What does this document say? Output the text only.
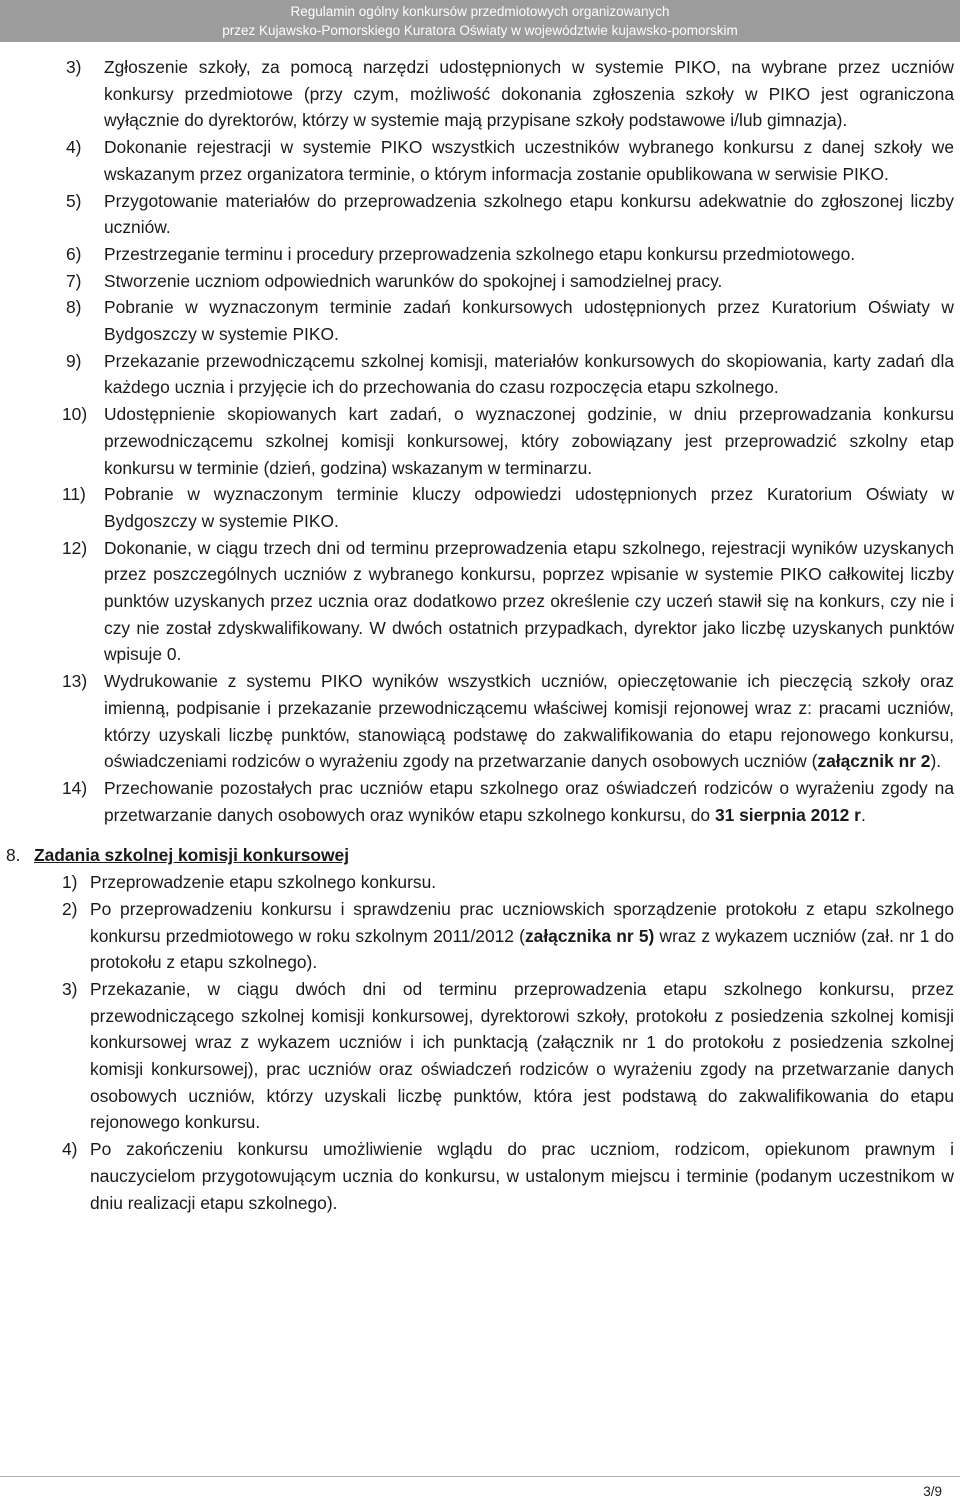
Regulamin ogólny konkursów przedmiotowych organizowanych
przez Kujawsko-Pomorskiego Kuratora Oświaty w województwie kujawsko-pomorskim
3) Zgłoszenie szkoły, za pomocą narzędzi udostępnionych w systemie PIKO, na wybrane przez uczniów konkursy przedmiotowe (przy czym, możliwość dokonania zgłoszenia szkoły w PIKO jest ograniczona wyłącznie do dyrektorów, którzy w systemie mają przypisane szkoły podstawowe i/lub gimnazja).
4) Dokonanie rejestracji w systemie PIKO wszystkich uczestników wybranego konkursu z danej szkoły we wskazanym przez organizatora terminie, o którym informacja zostanie opublikowana w serwisie PIKO.
5) Przygotowanie materiałów do przeprowadzenia szkolnego etapu konkursu adekwatnie do zgłoszonej liczby uczniów.
6) Przestrzeganie terminu i procedury przeprowadzenia szkolnego etapu konkursu przedmiotowego.
7) Stworzenie uczniom odpowiednich warunków do spokojnej i samodzielnej pracy.
8) Pobranie w wyznaczonym terminie zadań konkursowych udostępnionych przez Kuratorium Oświaty w Bydgoszczy w systemie PIKO.
9) Przekazanie przewodniczącemu szkolnej komisji, materiałów konkursowych do skopiowania, karty zadań dla każdego ucznia i przyjęcie ich do przechowania do czasu rozpoczęcia etapu szkolnego.
10) Udostępnienie skopiowanych kart zadań, o wyznaczonej godzinie, w dniu przeprowadzania konkursu przewodniczącemu szkolnej komisji konkursowej, który zobowiązany jest przeprowadzić szkolny etap konkursu w terminie (dzień, godzina) wskazanym w terminarzu.
11) Pobranie w wyznaczonym terminie kluczy odpowiedzi udostępnionych przez Kuratorium Oświaty w Bydgoszczy w systemie PIKO.
12) Dokonanie, w ciągu trzech dni od terminu przeprowadzenia etapu szkolnego, rejestracji wyników uzyskanych przez poszczególnych uczniów z wybranego konkursu, poprzez wpisanie w systemie PIKO całkowitej liczby punktów uzyskanych przez ucznia oraz dodatkowo przez określenie czy uczeń stawił się na konkurs, czy nie i czy nie został zdyskwalifikowany. W dwóch ostatnich przypadkach, dyrektor jako liczbę uzyskanych punktów wpisuje 0.
13) Wydrukowanie z systemu PIKO wyników wszystkich uczniów, opieczętowanie ich pieczęcią szkoły oraz imienną, podpisanie i przekazanie przewodniczącemu właściwej komisji rejonowej wraz z: pracami uczniów, którzy uzyskali liczbę punktów, stanowiącą podstawę do zakwalifikowania do etapu rejonowego konkursu, oświadczeniami rodziców o wyrażeniu zgody na przetwarzanie danych osobowych uczniów (załącznik nr 2).
14) Przechowanie pozostałych prac uczniów etapu szkolnego oraz oświadczeń rodziców o wyrażeniu zgody na przetwarzanie danych osobowych oraz wyników etapu szkolnego konkursu, do 31 sierpnia 2012 r.
8. Zadania szkolnej komisji konkursowej
1) Przeprowadzenie etapu szkolnego konkursu.
2) Po przeprowadzeniu konkursu i sprawdzeniu prac uczniowskich sporządzenie protokołu z etapu szkolnego konkursu przedmiotowego w roku szkolnym 2011/2012 (załącznika nr 5) wraz z wykazem uczniów (zał. nr 1 do protokołu z etapu szkolnego).
3) Przekazanie, w ciągu dwóch dni od terminu przeprowadzenia etapu szkolnego konkursu, przez przewodniczącego szkolnej komisji konkursowej, dyrektorowi szkoły, protokołu z posiedzenia szkolnej komisji konkursowej wraz z wykazem uczniów i ich punktacją (załącznik nr 1 do protokołu z posiedzenia szkolnej komisji konkursowej), prac uczniów oraz oświadczeń rodziców o wyrażeniu zgody na przetwarzanie danych osobowych uczniów, którzy uzyskali liczbę punktów, która jest podstawą do zakwalifikowania do etapu rejonowego konkursu.
4) Po zakończeniu konkursu umożliwienie wglądu do prac uczniom, rodzicom, opiekunom prawnym i nauczycielom przygotowującym ucznia do konkursu, w ustalonym miejscu i terminie (podanym uczestnikom w dniu realizacji etapu szkolnego).
3/9
